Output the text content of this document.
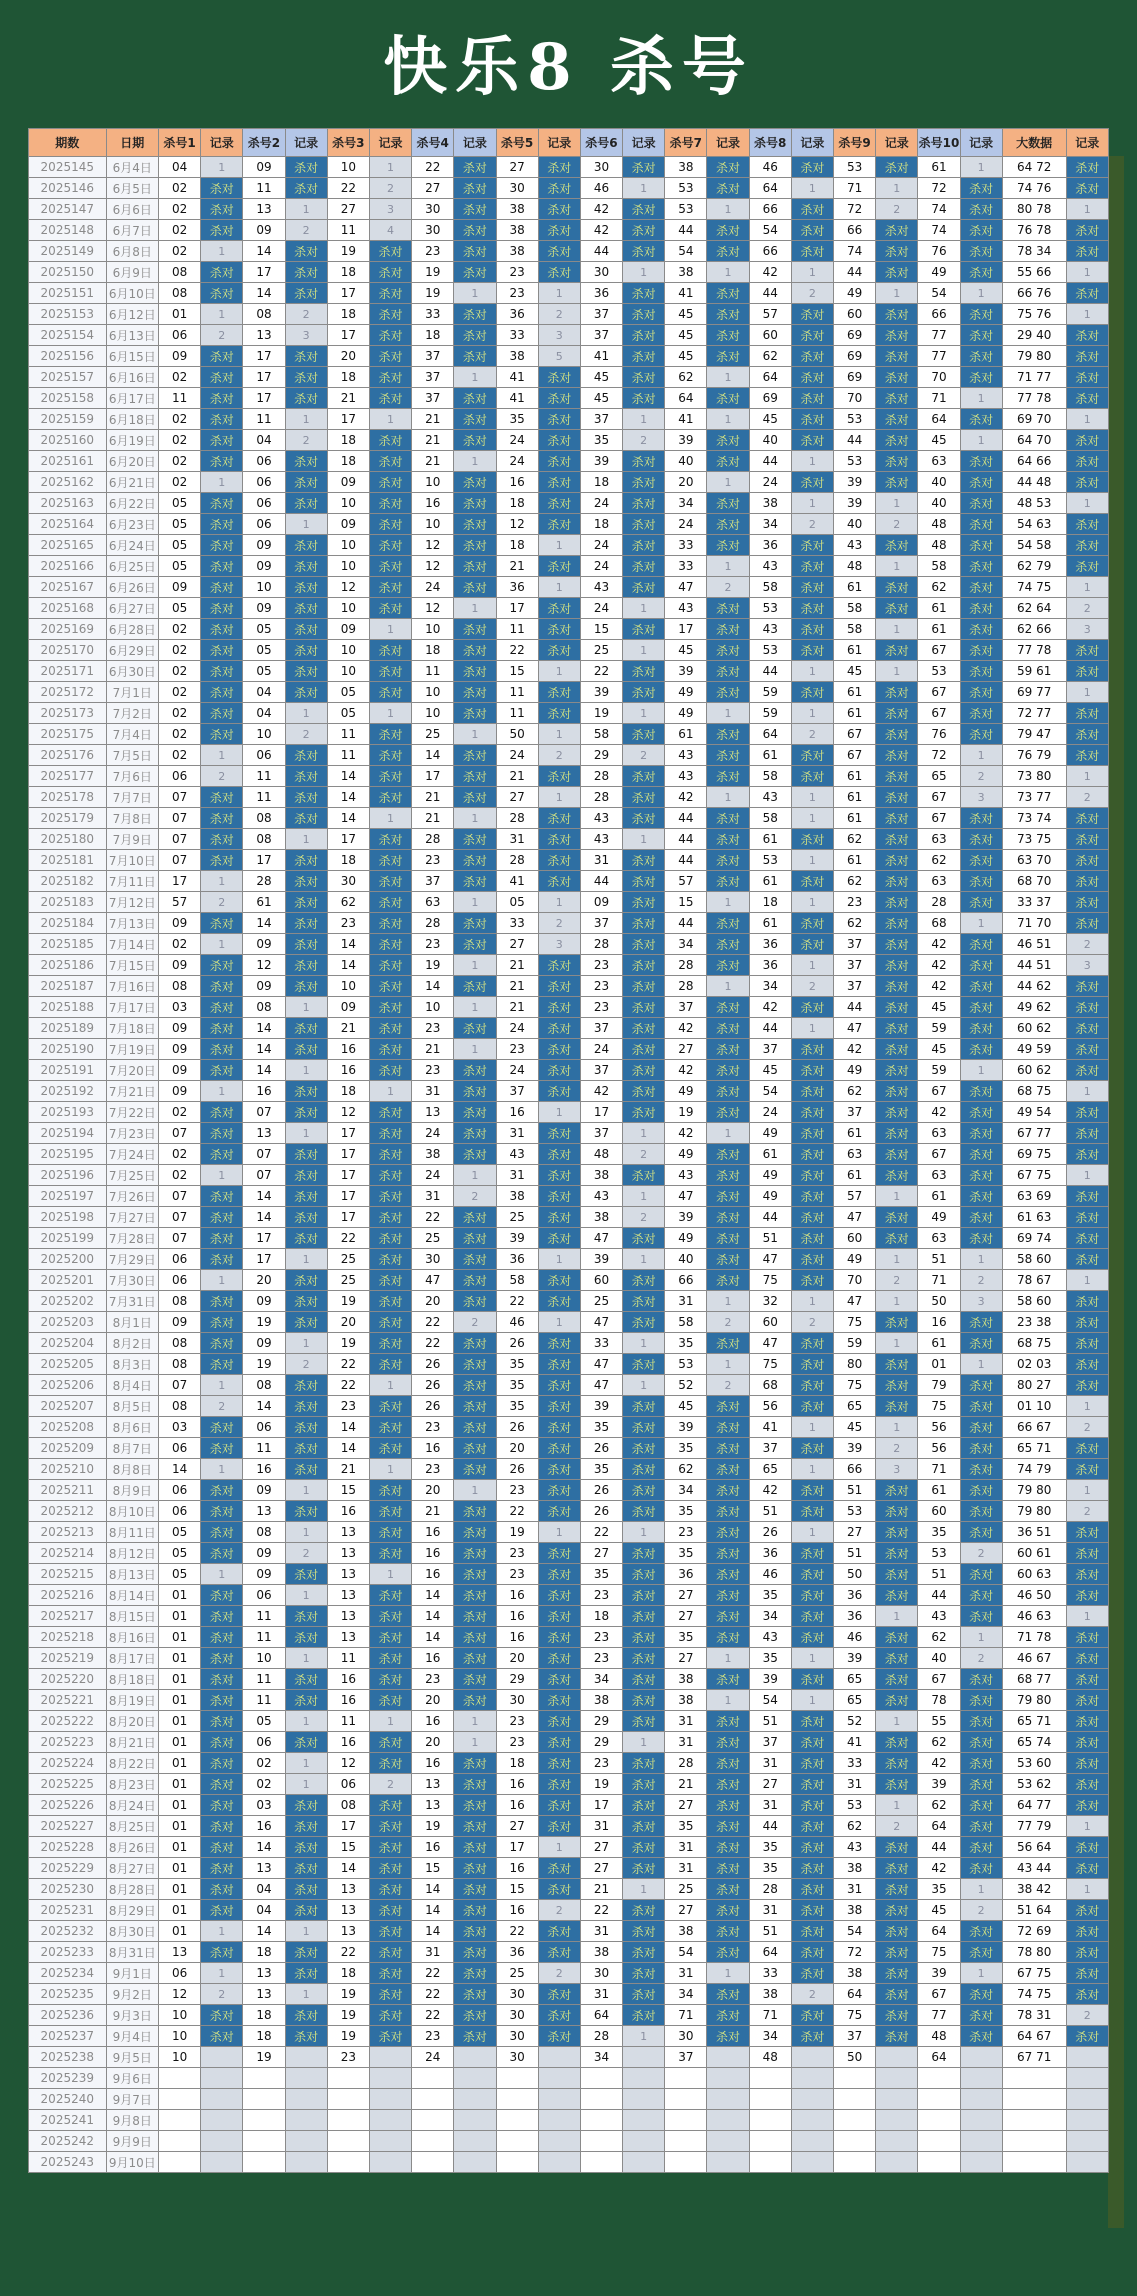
快乐8 杀号
期数	日期	杀号1	记录	杀号2	记录	杀号3	记录	杀号4	记录	杀号5	记录	杀号6	记录	杀号7	记录	杀号8	记录	杀号9	记录	杀号10	记录	大数据	记录
2025145	6月4日	04	1	09	杀对	10	1	22	杀对	27	杀对	30	杀对	38	杀对	46	杀对	53	杀对	61	1	64 72	杀对
2025146	6月5日	02	杀对	11	杀对	22	2	27	杀对	30	杀对	46	1	53	杀对	64	1	71	1	72	杀对	74 76	杀对
2025147	6月6日	02	杀对	13	1	27	3	30	杀对	38	杀对	42	杀对	53	1	66	杀对	72	2	74	杀对	80 78	1
2025148	6月7日	02	杀对	09	2	11	4	30	杀对	38	杀对	42	杀对	44	杀对	54	杀对	66	杀对	74	杀对	76 78	杀对
2025149	6月8日	02	1	14	杀对	19	杀对	23	杀对	38	杀对	44	杀对	54	杀对	66	杀对	74	杀对	76	杀对	78 34	杀对
2025150	6月9日	08	杀对	17	杀对	18	杀对	19	杀对	23	杀对	30	1	38	1	42	1	44	杀对	49	杀对	55 66	1
2025151	6月10日	08	杀对	14	杀对	17	杀对	19	1	23	1	36	杀对	41	杀对	44	2	49	1	54	1	66 76	杀对
2025153	6月12日	01	1	08	2	18	杀对	33	杀对	36	2	37	杀对	45	杀对	57	杀对	60	杀对	66	杀对	75 76	1
2025154	6月13日	06	2	13	3	17	杀对	18	杀对	33	3	37	杀对	45	杀对	60	杀对	69	杀对	77	杀对	29 40	杀对
2025156	6月15日	09	杀对	17	杀对	20	杀对	37	杀对	38	5	41	杀对	45	杀对	62	杀对	69	杀对	77	杀对	79 80	杀对
2025157	6月16日	02	杀对	17	杀对	18	杀对	37	1	41	杀对	45	杀对	62	1	64	杀对	69	杀对	70	杀对	71 77	杀对
2025158	6月17日	11	杀对	17	杀对	21	杀对	37	杀对	41	杀对	45	杀对	64	杀对	69	杀对	70	杀对	71	1	77 78	杀对
2025159	6月18日	02	杀对	11	1	17	1	21	杀对	35	杀对	37	1	41	1	45	杀对	53	杀对	64	杀对	69 70	1
2025160	6月19日	02	杀对	04	2	18	杀对	21	杀对	24	杀对	35	2	39	杀对	40	杀对	44	杀对	45	1	64 70	杀对
2025161	6月20日	02	杀对	06	杀对	18	杀对	21	1	24	杀对	39	杀对	40	杀对	44	1	53	杀对	63	杀对	64 66	杀对
2025162	6月21日	02	1	06	杀对	09	杀对	10	杀对	16	杀对	18	杀对	20	1	24	杀对	39	杀对	40	杀对	44 48	杀对
2025163	6月22日	05	杀对	06	杀对	10	杀对	16	杀对	18	杀对	24	杀对	34	杀对	38	1	39	1	40	杀对	48 53	1
2025164	6月23日	05	杀对	06	1	09	杀对	10	杀对	12	杀对	18	杀对	24	杀对	34	2	40	2	48	杀对	54 63	杀对
2025165	6月24日	05	杀对	09	杀对	10	杀对	12	杀对	18	1	24	杀对	33	杀对	36	杀对	43	杀对	48	杀对	54 58	杀对
2025166	6月25日	05	杀对	09	杀对	10	杀对	12	杀对	21	杀对	24	杀对	33	1	43	杀对	48	1	58	杀对	62 79	杀对
2025167	6月26日	09	杀对	10	杀对	12	杀对	24	杀对	36	1	43	杀对	47	2	58	杀对	61	杀对	62	杀对	74 75	1
2025168	6月27日	05	杀对	09	杀对	10	杀对	12	1	17	杀对	24	1	43	杀对	53	杀对	58	杀对	61	杀对	62 64	2
2025169	6月28日	02	杀对	05	杀对	09	1	10	杀对	11	杀对	15	杀对	17	杀对	43	杀对	58	1	61	杀对	62 66	3
2025170	6月29日	02	杀对	05	杀对	10	杀对	18	杀对	22	杀对	25	1	45	杀对	53	杀对	61	杀对	67	杀对	77 78	杀对
2025171	6月30日	02	杀对	05	杀对	10	杀对	11	杀对	15	1	22	杀对	39	杀对	44	1	45	1	53	杀对	59 61	杀对
2025172	7月1日	02	杀对	04	杀对	05	杀对	10	杀对	11	杀对	39	杀对	49	杀对	59	杀对	61	杀对	67	杀对	69 77	1
2025173	7月2日	02	杀对	04	1	05	1	10	杀对	11	杀对	19	1	49	1	59	1	61	杀对	67	杀对	72 77	杀对
2025175	7月4日	02	杀对	10	2	11	杀对	25	1	50	1	58	杀对	61	杀对	64	2	67	杀对	76	杀对	79 47	杀对
2025176	7月5日	02	1	06	杀对	11	杀对	14	杀对	24	2	29	2	43	杀对	61	杀对	67	杀对	72	1	76 79	杀对
2025177	7月6日	06	2	11	杀对	14	杀对	17	杀对	21	杀对	28	杀对	43	杀对	58	杀对	61	杀对	65	2	73 80	1
2025178	7月7日	07	杀对	11	杀对	14	杀对	21	杀对	27	1	28	杀对	42	1	43	1	61	杀对	67	3	73 77	2
2025179	7月8日	07	杀对	08	杀对	14	1	21	1	28	杀对	43	杀对	44	杀对	58	1	61	杀对	67	杀对	73 74	杀对
2025180	7月9日	07	杀对	08	1	17	杀对	28	杀对	31	杀对	43	1	44	杀对	61	杀对	62	杀对	63	杀对	73 75	杀对
2025181	7月10日	07	杀对	17	杀对	18	杀对	23	杀对	28	杀对	31	杀对	44	杀对	53	1	61	杀对	62	杀对	63 70	杀对
2025182	7月11日	17	1	28	杀对	30	杀对	37	杀对	41	杀对	44	杀对	57	杀对	61	杀对	62	杀对	63	杀对	68 70	杀对
2025183	7月12日	57	2	61	杀对	62	杀对	63	1	05	1	09	杀对	15	1	18	1	23	杀对	28	杀对	33 37	杀对
2025184	7月13日	09	杀对	14	杀对	23	杀对	28	杀对	33	2	37	杀对	44	杀对	61	杀对	62	杀对	68	1	71 70	杀对
2025185	7月14日	02	1	09	杀对	14	杀对	23	杀对	27	3	28	杀对	34	杀对	36	杀对	37	杀对	42	杀对	46 51	2
2025186	7月15日	09	杀对	12	杀对	14	杀对	19	1	21	杀对	23	杀对	28	杀对	36	1	37	杀对	42	杀对	44 51	3
2025187	7月16日	08	杀对	09	杀对	10	杀对	14	杀对	21	杀对	23	杀对	28	1	34	2	37	杀对	42	杀对	44 62	杀对
2025188	7月17日	03	杀对	08	1	09	杀对	10	1	21	杀对	23	杀对	37	杀对	42	杀对	44	杀对	45	杀对	49 62	杀对
2025189	7月18日	09	杀对	14	杀对	21	杀对	23	杀对	24	杀对	37	杀对	42	杀对	44	1	47	杀对	59	杀对	60 62	杀对
2025190	7月19日	09	杀对	14	杀对	16	杀对	21	1	23	杀对	24	杀对	27	杀对	37	杀对	42	杀对	45	杀对	49 59	杀对
2025191	7月20日	09	杀对	14	1	16	杀对	23	杀对	24	杀对	37	杀对	42	杀对	45	杀对	49	杀对	59	1	60 62	杀对
2025192	7月21日	09	1	16	杀对	18	1	31	杀对	37	杀对	42	杀对	49	杀对	54	杀对	62	杀对	67	杀对	68 75	1
2025193	7月22日	02	杀对	07	杀对	12	杀对	13	杀对	16	1	17	杀对	19	杀对	24	杀对	37	杀对	42	杀对	49 54	杀对
2025194	7月23日	07	杀对	13	1	17	杀对	24	杀对	31	杀对	37	1	42	1	49	杀对	61	杀对	63	杀对	67 77	杀对
2025195	7月24日	02	杀对	07	杀对	17	杀对	38	杀对	43	杀对	48	2	49	杀对	61	杀对	63	杀对	67	杀对	69 75	杀对
2025196	7月25日	02	1	07	杀对	17	杀对	24	1	31	杀对	38	杀对	43	杀对	49	杀对	61	杀对	63	杀对	67 75	1
2025197	7月26日	07	杀对	14	杀对	17	杀对	31	2	38	杀对	43	1	47	杀对	49	杀对	57	1	61	杀对	63 69	杀对
2025198	7月27日	07	杀对	14	杀对	17	杀对	22	杀对	25	杀对	38	2	39	杀对	44	杀对	47	杀对	49	杀对	61 63	杀对
2025199	7月28日	07	杀对	17	杀对	22	杀对	25	杀对	39	杀对	47	杀对	49	杀对	51	杀对	60	杀对	63	杀对	69 74	杀对
2025200	7月29日	06	杀对	17	1	25	杀对	30	杀对	36	1	39	1	40	杀对	47	杀对	49	1	51	1	58 60	杀对
2025201	7月30日	06	1	20	杀对	25	杀对	47	杀对	58	杀对	60	杀对	66	杀对	75	杀对	70	2	71	2	78 67	1
2025202	7月31日	08	杀对	09	杀对	19	杀对	20	杀对	22	杀对	25	杀对	31	1	32	1	47	1	50	3	58 60	杀对
2025203	8月1日	09	杀对	19	杀对	20	杀对	22	2	46	1	47	杀对	58	2	60	2	75	杀对	16	杀对	23 38	杀对
2025204	8月2日	08	杀对	09	1	19	杀对	22	杀对	26	杀对	33	1	35	杀对	47	杀对	59	1	61	杀对	68 75	杀对
2025205	8月3日	08	杀对	19	2	22	杀对	26	杀对	35	杀对	47	杀对	53	1	75	杀对	80	杀对	01	1	02 03	杀对
2025206	8月4日	07	1	08	杀对	22	1	26	杀对	35	杀对	47	1	52	2	68	杀对	75	杀对	79	杀对	80 27	杀对
2025207	8月5日	08	2	14	杀对	23	杀对	26	杀对	35	杀对	39	杀对	45	杀对	56	杀对	65	杀对	75	杀对	01 10	1
2025208	8月6日	03	杀对	06	杀对	14	杀对	23	杀对	26	杀对	35	杀对	39	杀对	41	1	45	1	56	杀对	66 67	2
2025209	8月7日	06	杀对	11	杀对	14	杀对	16	杀对	20	杀对	26	杀对	35	杀对	37	杀对	39	2	56	杀对	65 71	杀对
2025210	8月8日	14	1	16	杀对	21	1	23	杀对	26	杀对	35	杀对	62	杀对	65	1	66	3	71	杀对	74 79	杀对
2025211	8月9日	06	杀对	09	1	15	杀对	20	1	23	杀对	26	杀对	34	杀对	42	杀对	51	杀对	61	杀对	79 80	1
2025212	8月10日	06	杀对	13	杀对	16	杀对	21	杀对	22	杀对	26	杀对	35	杀对	51	杀对	53	杀对	60	杀对	79 80	2
2025213	8月11日	05	杀对	08	1	13	杀对	16	杀对	19	1	22	1	23	杀对	26	1	27	杀对	35	杀对	36 51	杀对
2025214	8月12日	05	杀对	09	2	13	杀对	16	杀对	23	杀对	27	杀对	35	杀对	36	杀对	51	杀对	53	2	60 61	杀对
2025215	8月13日	05	1	09	杀对	13	1	16	杀对	23	杀对	35	杀对	36	杀对	46	杀对	50	杀对	51	杀对	60 63	杀对
2025216	8月14日	01	杀对	06	1	13	杀对	14	杀对	16	杀对	23	杀对	27	杀对	35	杀对	36	杀对	44	杀对	46 50	杀对
2025217	8月15日	01	杀对	11	杀对	13	杀对	14	杀对	16	杀对	18	杀对	27	杀对	34	杀对	36	1	43	杀对	46 63	1
2025218	8月16日	01	杀对	11	杀对	13	杀对	14	杀对	16	杀对	23	杀对	35	杀对	43	杀对	46	杀对	62	1	71 78	杀对
2025219	8月17日	01	杀对	10	1	11	杀对	16	杀对	20	杀对	23	杀对	27	1	35	1	39	杀对	40	2	46 67	杀对
2025220	8月18日	01	杀对	11	杀对	16	杀对	23	杀对	29	杀对	34	杀对	38	杀对	39	杀对	65	杀对	67	杀对	68 77	杀对
2025221	8月19日	01	杀对	11	杀对	16	杀对	20	杀对	30	杀对	38	杀对	38	1	54	1	65	杀对	78	杀对	79 80	杀对
2025222	8月20日	01	杀对	05	1	11	1	16	1	23	杀对	29	杀对	31	杀对	51	杀对	52	1	55	杀对	65 71	杀对
2025223	8月21日	01	杀对	06	杀对	16	杀对	20	1	23	杀对	29	1	31	杀对	37	杀对	41	杀对	62	杀对	65 74	杀对
2025224	8月22日	01	杀对	02	1	12	杀对	16	杀对	18	杀对	23	杀对	28	杀对	31	杀对	33	杀对	42	杀对	53 60	杀对
2025225	8月23日	01	杀对	02	1	06	2	13	杀对	16	杀对	19	杀对	21	杀对	27	杀对	31	杀对	39	杀对	53 62	杀对
2025226	8月24日	01	杀对	03	杀对	08	杀对	13	杀对	16	杀对	17	杀对	27	杀对	31	杀对	53	1	62	杀对	64 77	杀对
2025227	8月25日	01	杀对	16	杀对	17	杀对	19	杀对	27	杀对	31	杀对	35	杀对	44	杀对	62	2	64	杀对	77 79	1
2025228	8月26日	01	杀对	14	杀对	15	杀对	16	杀对	17	1	27	杀对	31	杀对	35	杀对	43	杀对	44	杀对	56 64	杀对
2025229	8月27日	01	杀对	13	杀对	14	杀对	15	杀对	16	杀对	27	杀对	31	杀对	35	杀对	38	杀对	42	杀对	43 44	杀对
2025230	8月28日	01	杀对	04	杀对	13	杀对	14	杀对	15	杀对	21	1	25	杀对	28	杀对	31	杀对	35	1	38 42	1
2025231	8月29日	01	杀对	04	杀对	13	杀对	14	杀对	16	2	22	杀对	27	杀对	31	杀对	38	杀对	45	2	51 64	杀对
2025232	8月30日	01	1	14	1	13	杀对	14	杀对	22	杀对	31	杀对	38	杀对	51	杀对	54	杀对	64	杀对	72 69	杀对
2025233	8月31日	13	杀对	18	杀对	22	杀对	31	杀对	36	杀对	38	杀对	54	杀对	64	杀对	72	杀对	75	杀对	78 80	杀对
2025234	9月1日	06	1	13	杀对	18	杀对	22	杀对	25	2	30	杀对	31	1	33	杀对	38	杀对	39	1	67 75	杀对
2025235	9月2日	12	2	13	1	19	杀对	22	杀对	30	杀对	31	杀对	34	杀对	38	2	64	杀对	67	杀对	74 75	杀对
2025236	9月3日	10	杀对	18	杀对	19	杀对	22	杀对	30	杀对	64	杀对	71	杀对	71	杀对	75	杀对	77	杀对	78 31	2
2025237	9月4日	10	杀对	18	杀对	19	杀对	23	杀对	30	杀对	28	1	30	杀对	34	杀对	37	杀对	48	杀对	64 67	杀对
2025238	9月5日	10		19		23		24		30		34		37		48		50		64		67 71	
2025239	9月6日																						
2025240	9月7日																						
2025241	9月8日																						
2025242	9月9日																						
2025243	9月10日																						
